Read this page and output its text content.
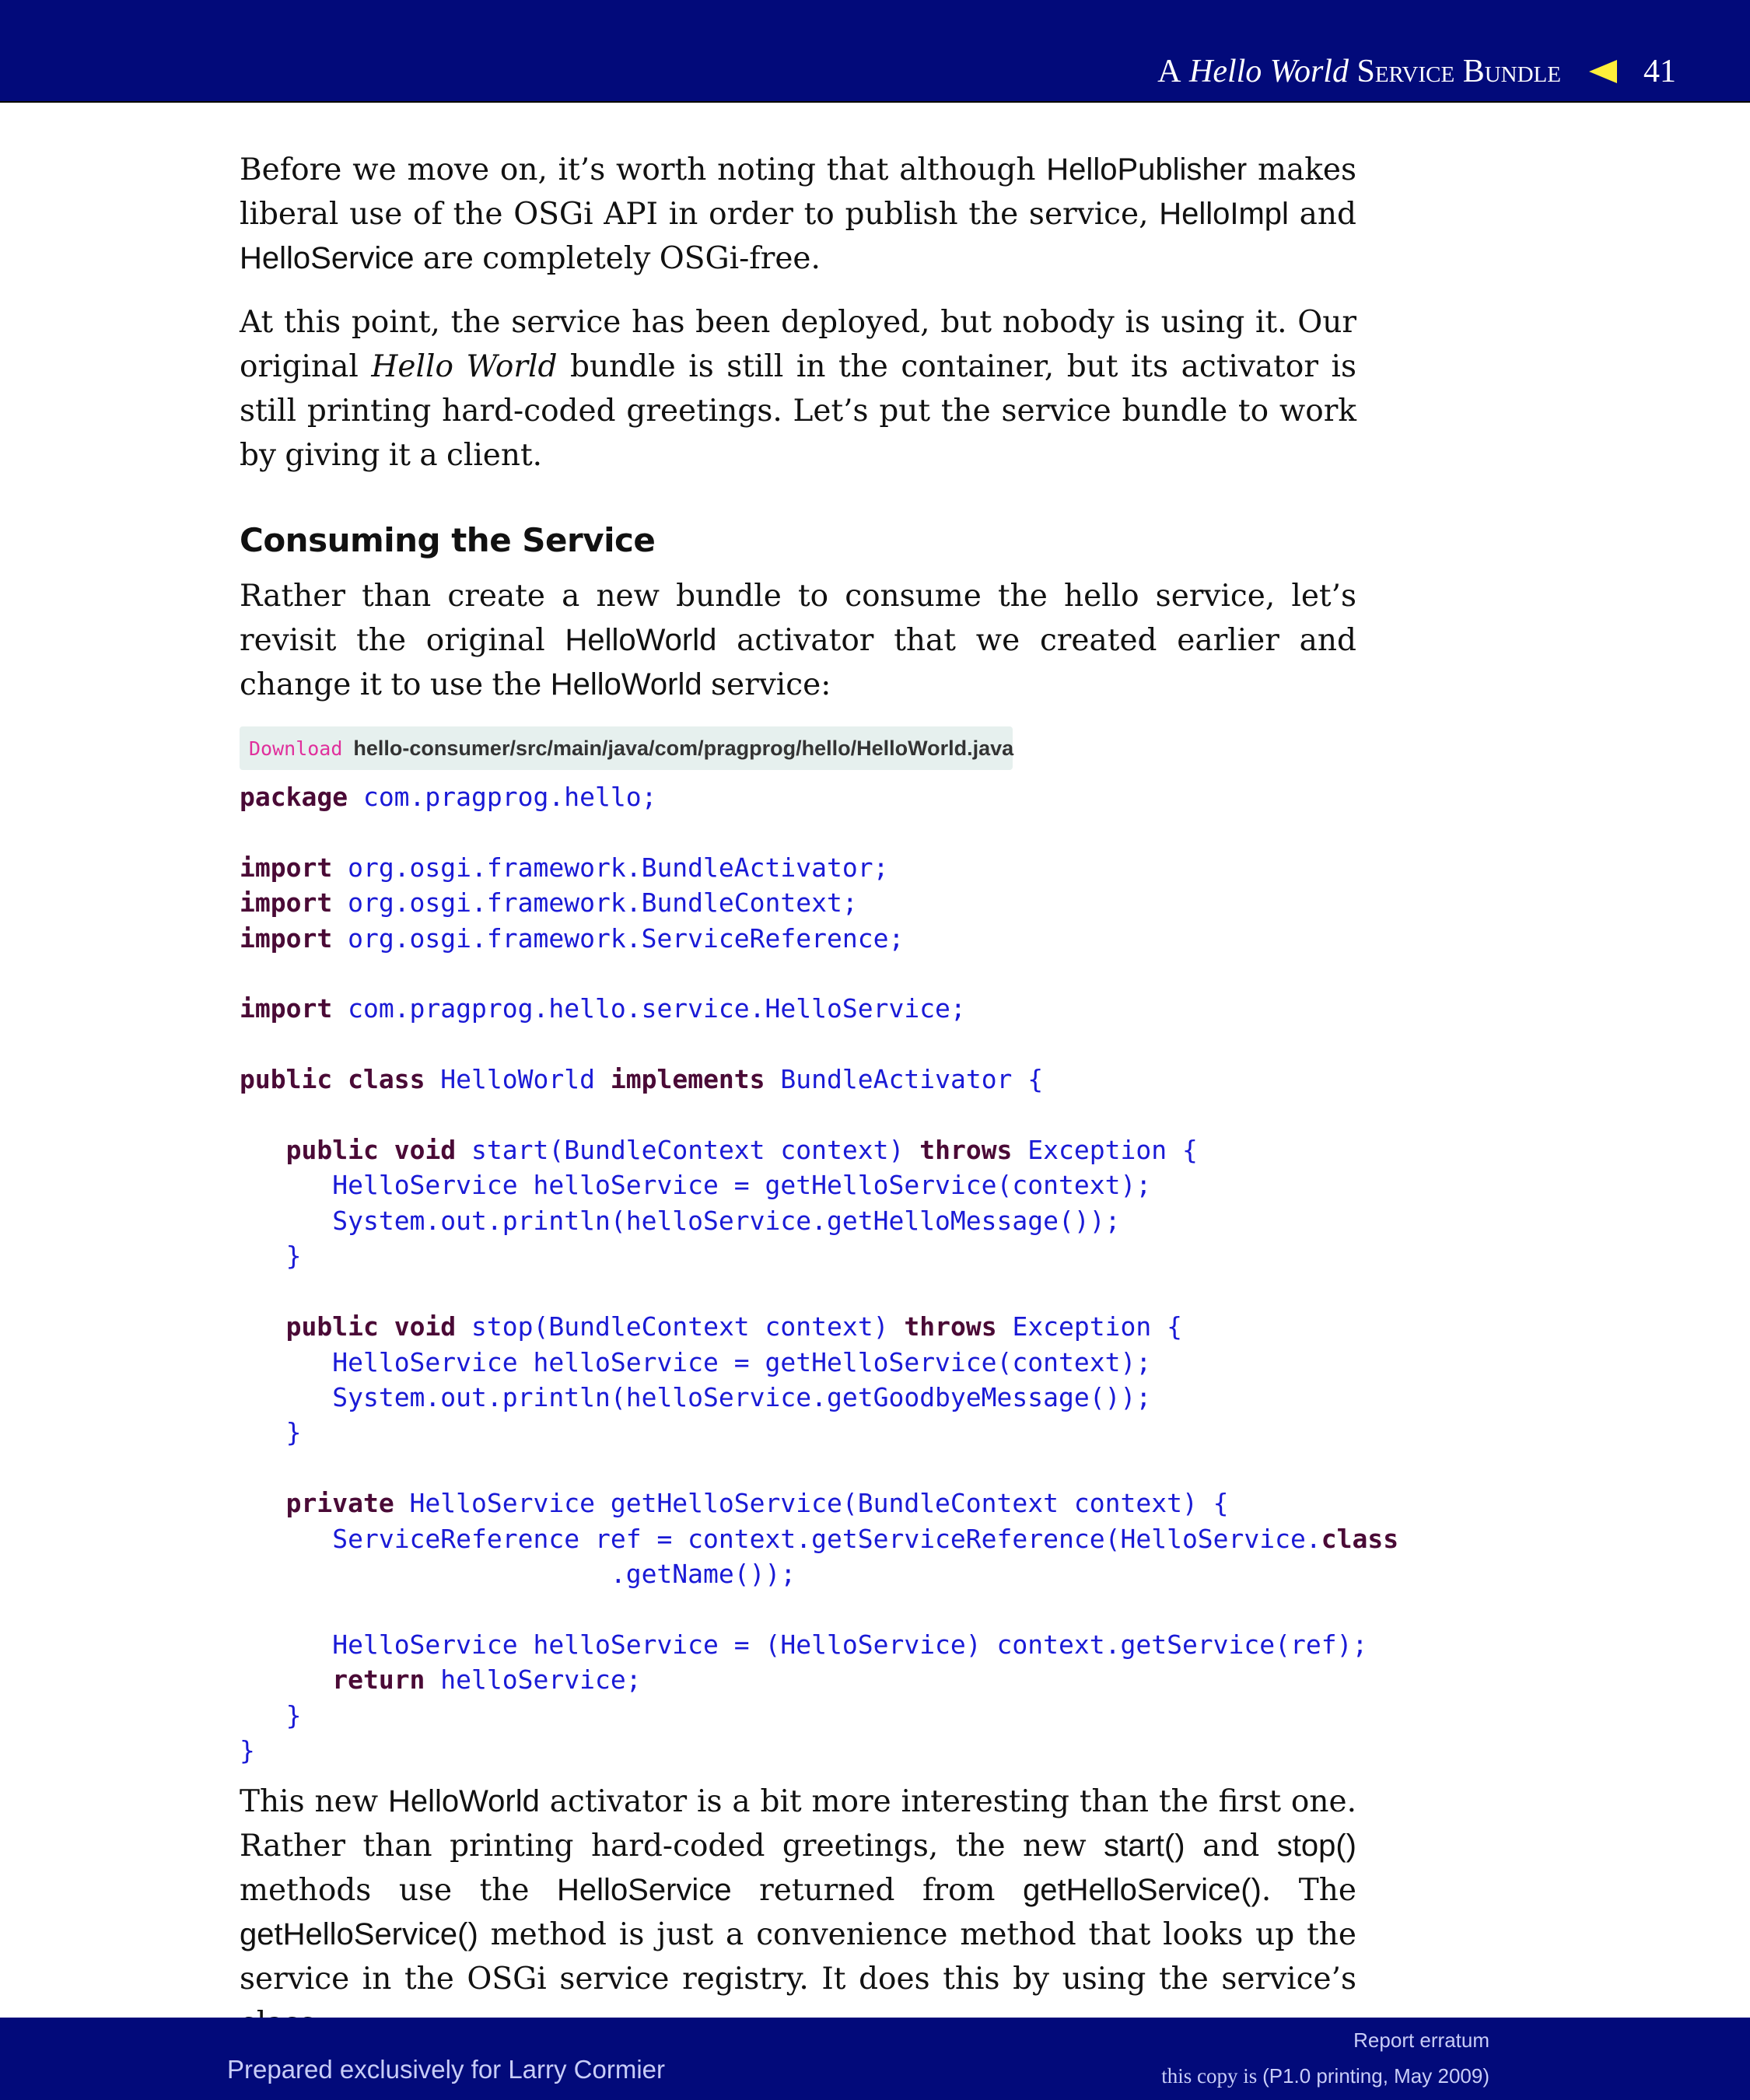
A
Hello World
Service Bundle	41

Before we move on, it’s worth noting that although HelloPublisher makes liberal use of the OSGi API in order to publish the service, HelloImpl and HelloService are completely OSGi-free.

At this point, the service has been deployed, but nobody is using it. Our original Hello World bundle is still in the container, but its activator is still printing hard-coded greetings. Let’s put the service bundle to work by giving it a client.

Consuming the Service

Rather than create a new bundle to consume the hello service, let’s revisit the original HelloWorld activator that we created earlier and change it to use the HelloWorld service:

Download hello-consumer/src/main/java/com/pragprog/hello/HelloWorld.java
package com.pragprog.hello;

import org.osgi.framework.BundleActivator;
import org.osgi.framework.BundleContext;
import org.osgi.framework.ServiceReference;

import com.pragprog.hello.service.HelloService;

public class HelloWorld implements BundleActivator {

public void start(BundleContext context) throws Exception {
HelloService helloService = getHelloService(context);
System.out.println(helloService.getHelloMessage());
}

public void stop(BundleContext context) throws Exception {
HelloService helloService = getHelloService(context);
System.out.println(helloService.getGoodbyeMessage());
}

private HelloService getHelloService(BundleContext context) {
ServiceReference ref = context.getServiceReference(HelloService.class
.getName());

HelloService helloService = (HelloService) context.getService(ref);
return helloService;
}
}

This new HelloWorld activator is a bit more interesting than the first one. Rather than printing hard-coded greetings, the new start() and stop() methods use the HelloService returned from getHelloService(). The getHelloService() method is just a convenience method that looks up the service in the OSGi service registry. It does this by using the service’s

Prepared exclusively for Larry Cormier
Report erratum
this copy is (P1.0 printing, May 2009)
